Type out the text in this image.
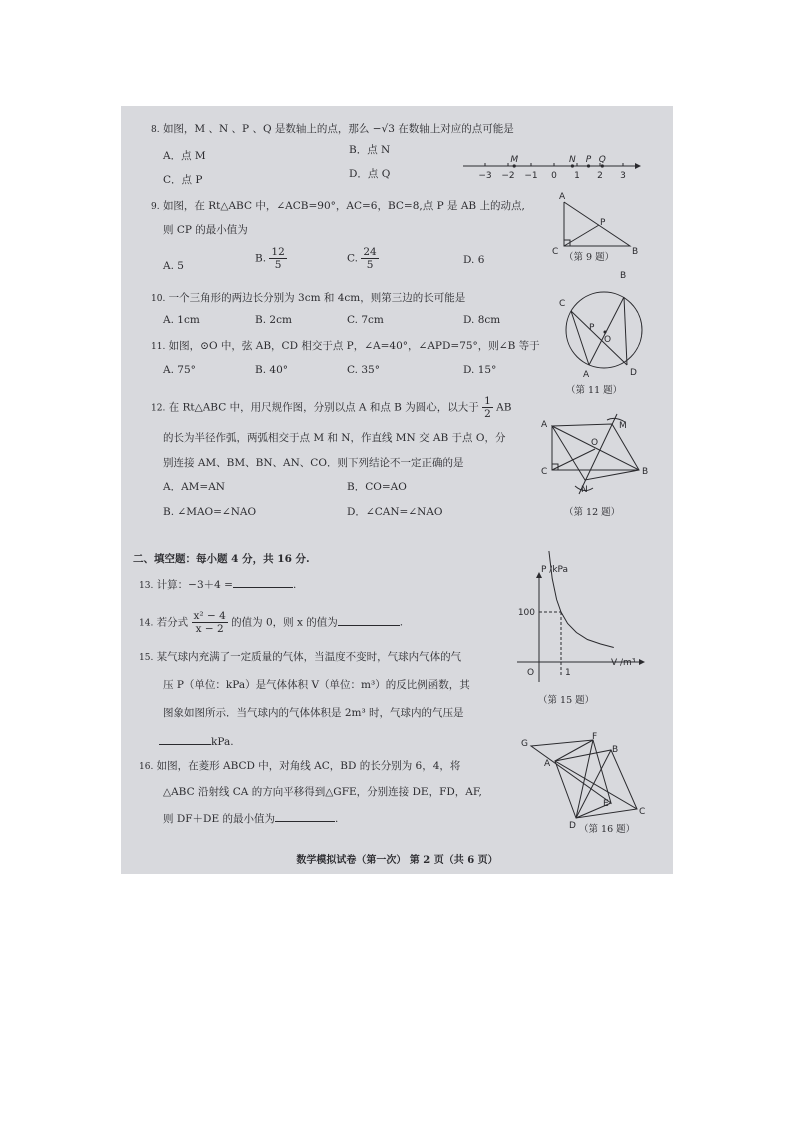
8. 如图，M 、N 、P 、Q 是数轴上的点，那么 −√3 在数轴上对应的点可能是
A．点 M	B．点 N
C．点 P	D．点 Q	−3 −2 −1 0 1 2 3
M	N P Q
9. 如图，在 Rt△ABC 中，∠ACB=90°，AC=6，BC=8,点 P 是 AB 上的动点,
则 CP 的最小值为
A. 5
B. $\frac{12}{5}$	C. $\frac{24}{5}$	D. 6
A
P
C	B
（第 9 题）
10. 一个三角形的两边长分别为 3cm 和 4cm，则第三边的长可能是
A. 1cm	B. 2cm	C. 7cm	D. 8cm
B
C
P
O
A	D
（第 11 题）
11. 如图，⊙O 中，弦 AB，CD 相交于点 P，∠A=40°，∠APD=75°，则∠B 等于
A. 75°	B. 40°	C. 35°	D. 15°
12. 在 Rt△ABC 中，用尺规作图，分别以点 A 和点 B 为圆心，以大于 $\frac{1}{2}$ AB
的长为半径作弧，两弧相交于点 M 和 N，作直线 MN 交 AB 于点 O，分
别连接 AM、BM、BN、AN、CO．则下列结论不一定正确的是
A．AM=AN	B．CO=AO
B. ∠MAO=∠NAO	D．∠CAN=∠NAO
A	M
O
C	B
N
（第 12 题）
二、填空题：每小题 4 分，共 16 分.
13. 计算：−3＋4 =	.
14. 若分式 $\frac{\text{x² − 4}}{x - 2}$ 的值为 0，则 x 的值为	.
15. 某气球内充满了一定质量的气体，当温度不变时，气球内气体的气
压 P（单位：kPa）是气体体积 V（单位：m³）的反比例函数，其
图象如图所示．当气球内的气体体积是 2m³ 时，气球内的气压是
kPa.
P /kPa
V /m³
O
100
1
（第 15 题）
16. 如图，在菱形 ABCD 中，对角线 AC，BD 的长分别为 6，4，将
△ABC 沿射线 CA 的方向平移得到△GFE，分别连接 DE，FD，AF,
则 DF＋DE 的最小值为	.
G
F
B
A
E
D
C
（第 16 题）
数学模拟试卷（第一次） 第 2 页（共 6 页）
